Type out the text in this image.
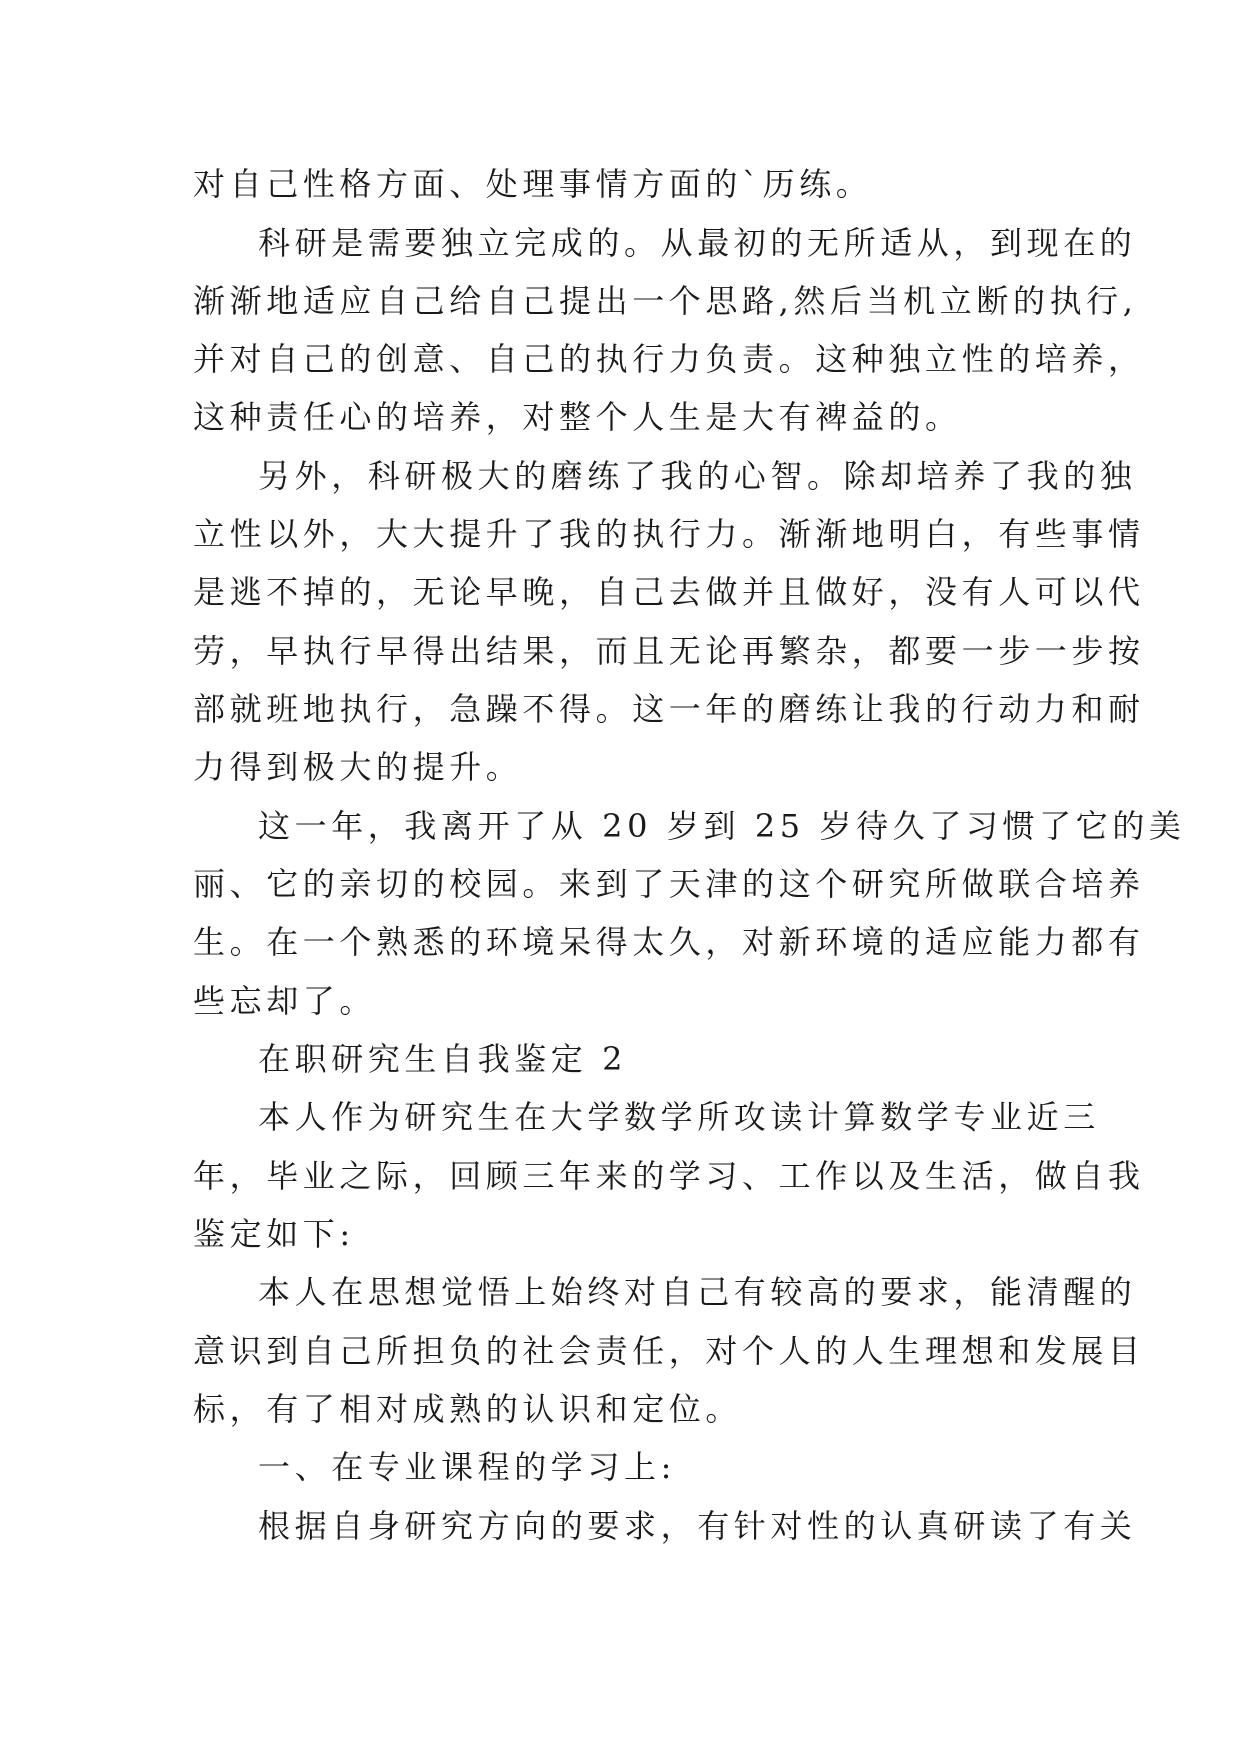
对自己性格方面、处理事情方面的`历练。
科研是需要独立完成的。从最初的无所适从，到现在的
渐渐地适应自己给自己提出一个思路,然后当机立断的执行,
并对自己的创意、自己的执行力负责。这种独立性的培养，
这种责任心的培养，对整个人生是大有裨益的。
另外，科研极大的磨练了我的心智。除却培养了我的独
立性以外，大大提升了我的执行力。渐渐地明白，有些事情
是逃不掉的，无论早晚，自己去做并且做好，没有人可以代
劳，早执行早得出结果，而且无论再繁杂，都要一步一步按
部就班地执行，急躁不得。这一年的磨练让我的行动力和耐
力得到极大的提升。
这一年，我离开了从 20 岁到 25 岁待久了习惯了它的美
丽、它的亲切的校园。来到了天津的这个研究所做联合培养
生。在一个熟悉的环境呆得太久，对新环境的适应能力都有
些忘却了。
在职研究生自我鉴定 2
本人作为研究生在大学数学所攻读计算数学专业近三
年，毕业之际，回顾三年来的学习、工作以及生活，做自我
鉴定如下:
本人在思想觉悟上始终对自己有较高的要求，能清醒的
意识到自己所担负的社会责任，对个人的人生理想和发展目
标，有了相对成熟的认识和定位。
一、在专业课程的学习上:
根据自身研究方向的要求，有针对性的认真研读了有关
